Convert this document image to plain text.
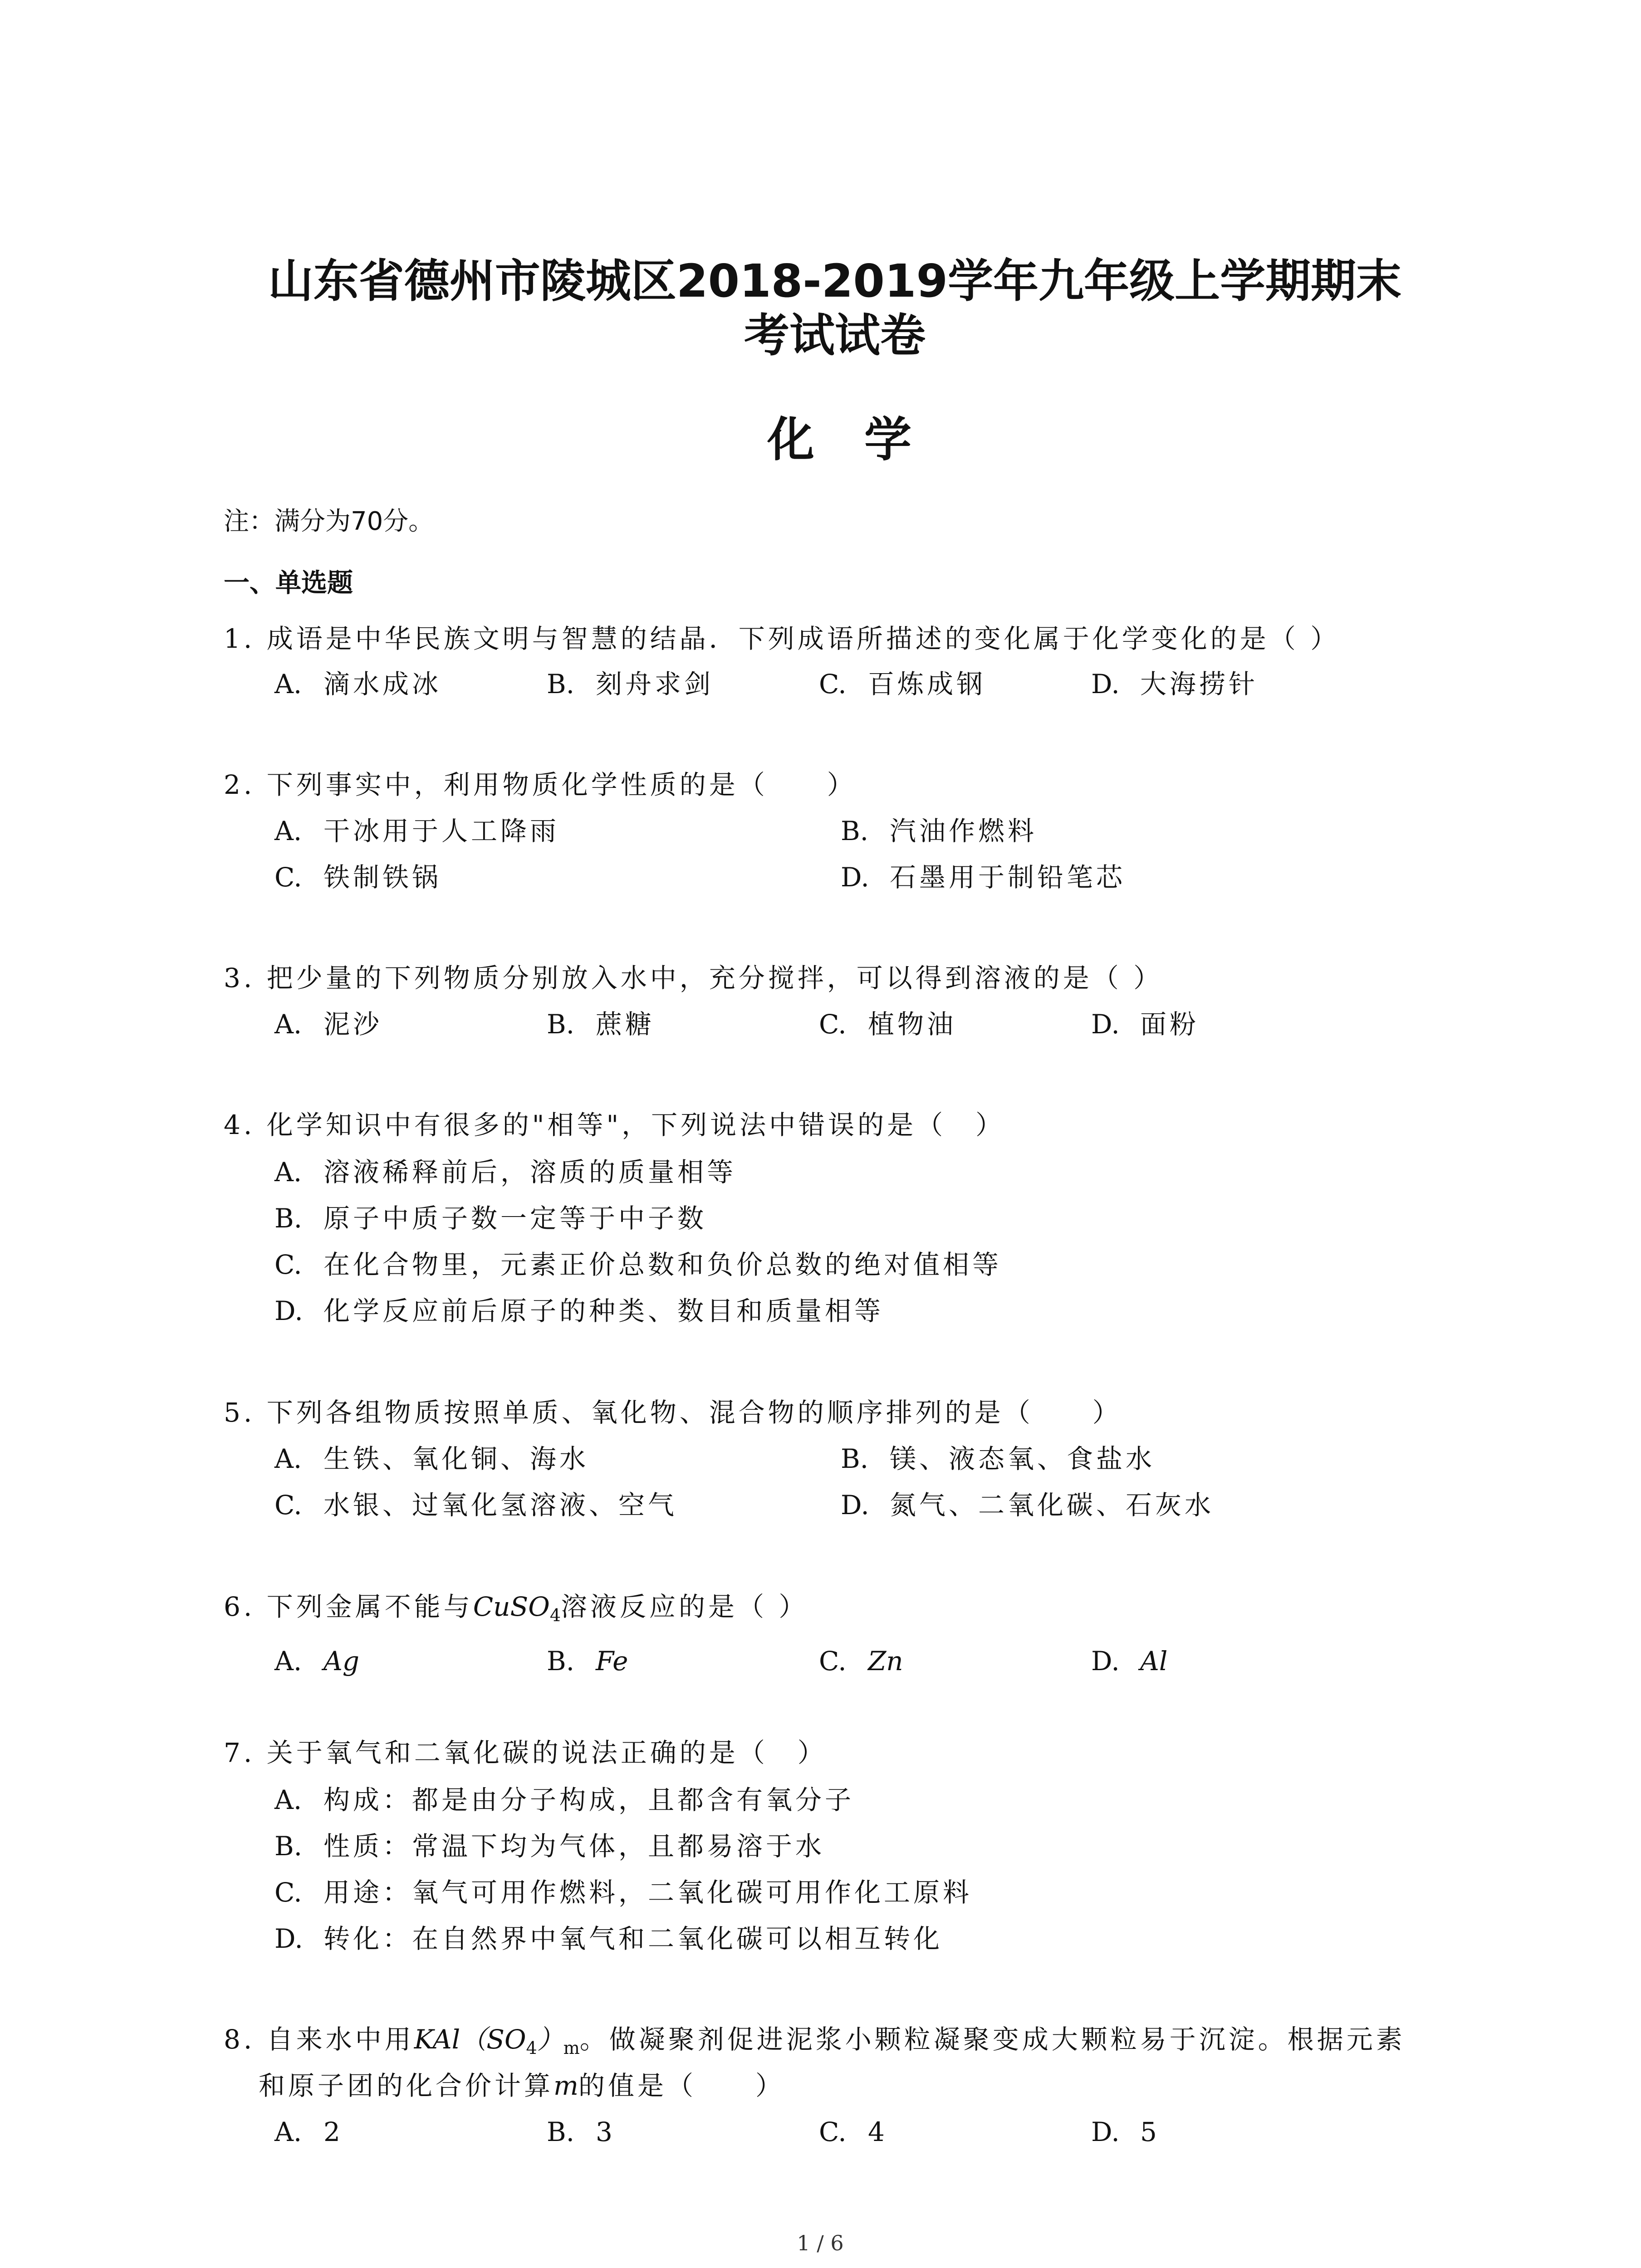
山东省德州市陵城区2018-2019学年九年级上学期期末
考试试卷
化学
注：满分为70分。
一、单选题
1. 成语是中华民族文明与智慧的结晶．下列成语所描述的变化属于化学变化的是（ ）
A. 滴水成冰	B. 刻舟求剑	C. 百炼成钢	D. 大海捞针
2. 下列事实中，利用物质化学性质的是（　　）
A. 干冰用于人工降雨	B. 汽油作燃料
C. 铁制铁锅	D. 石墨用于制铅笔芯
3. 把少量的下列物质分别放入水中，充分搅拌，可以得到溶液的是（ ）
A. 泥沙	B. 蔗糖	C. 植物油	D. 面粉
4. 化学知识中有很多的"相等"，下列说法中错误的是（　）
A. 溶液稀释前后，溶质的质量相等
B. 原子中质子数一定等于中子数
C. 在化合物里，元素正价总数和负价总数的绝对值相等
D. 化学反应前后原子的种类、数目和质量相等
5. 下列各组物质按照单质、氧化物、混合物的顺序排列的是（　　）
A. 生铁、氧化铜、海水	B. 镁、液态氧、食盐水
C. 水银、过氧化氢溶液、空气	D. 氮气、二氧化碳、石灰水
6. 下列金属不能与CuSO$_4$溶液反应的是（ ）
A. Ag	B. Fe	C. Zn	D. Al
7. 关于氧气和二氧化碳的说法正确的是（　）
A. 构成：都是由分子构成，且都含有氧分子
B. 性质：常温下均为气体，且都易溶于水
C. 用途：氧气可用作燃料，二氧化碳可用作化工原料
D. 转化：在自然界中氧气和二氧化碳可以相互转化
8. 自来水中用$KAl(SO_4)_m$。做凝聚剂促进泥浆小颗粒凝聚变成大颗粒易于沉淀。根据元素
和原子团的化合价计算m的值是（　　）
A. 2	B. 3	C. 4	D. 5
1 / 6
